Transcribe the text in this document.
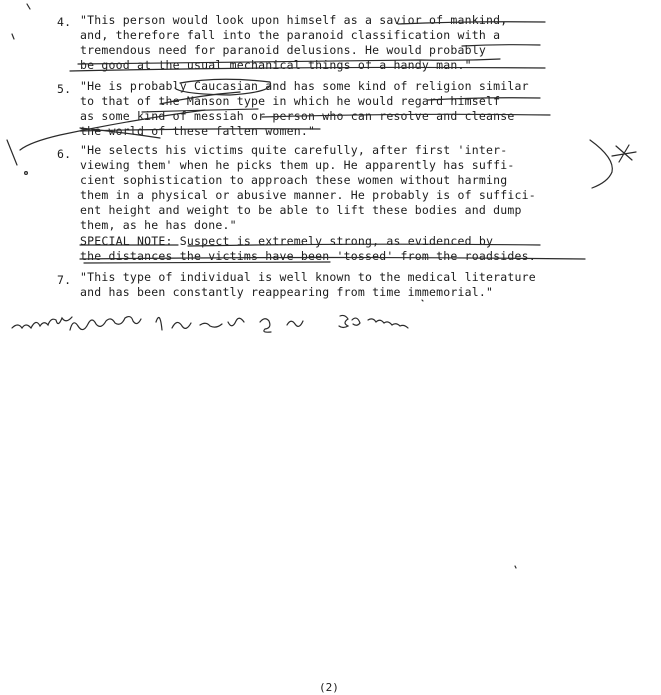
4. "This person would look upon himself as a savior of mankind,
and, therefore fall into the paranoid classification with a
tremendous need for paranoid delusions. He would probably
be good at the usual mechanical things of a handy man."
5. "He is probably Caucasian and has some kind of religion similar
to that of the Manson type in which he would regard himself
as some kind of messiah or person who can resolve and cleanse
the world of these fallen women."
6. "He selects his victims quite carefully, after first 'inter-
viewing them' when he picks them up. He apparently has suffi-
cient sophistication to approach these women without harming
them in a physical or abusive manner. He probably is of suffici-
ent height and weight to be able to lift these bodies and dump
them, as he has done."
SPECIAL NOTE: Suspect is extremely strong, as evidenced by
the distances the victims have been 'tossed' from the roadsides.
7. "This type of individual is well known to the medical literature
and has been constantly reappearing from time immemorial."
(2)
